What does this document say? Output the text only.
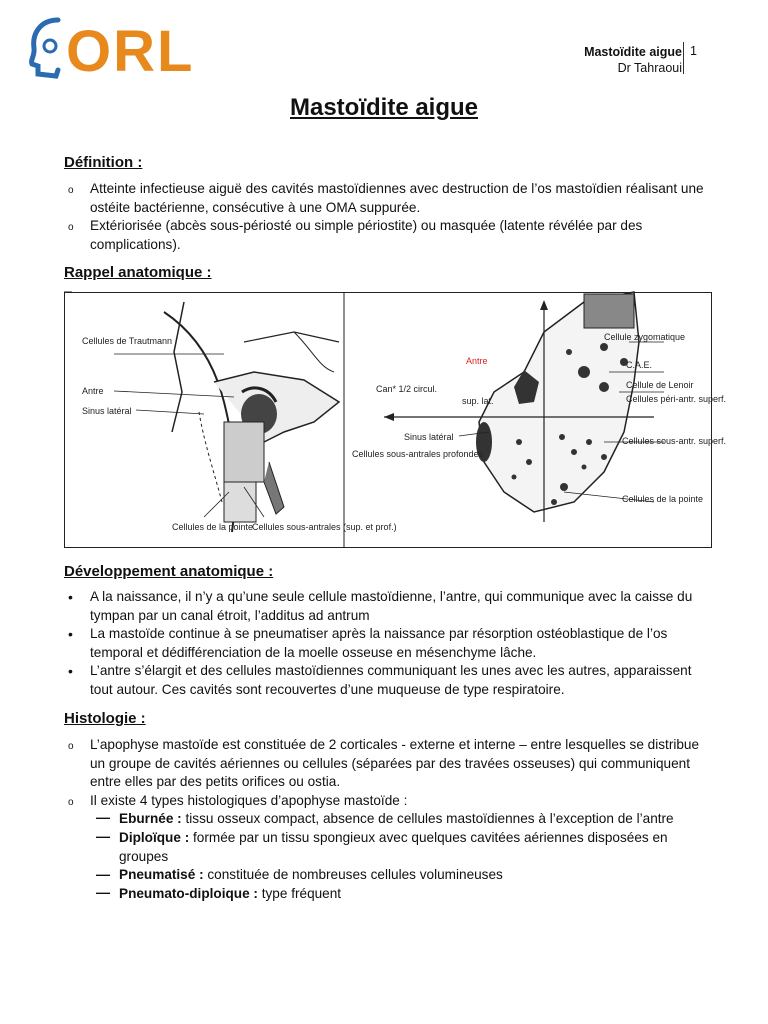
ORL	Mastoïdite aigue
Dr Tahraoui
1
Mastoïdite aigue
Définition :
o Atteinte infectieuse aiguë des cavités mastoïdiennes avec destruction de l’os mastoïdien réalisant une ostéite bactérienne, consécutive à une OMA suppurée.
o Extériorisée (abcès sous-périosté ou simple périostite) ou masquée (latente révélée par des complications).
Rappel anatomique :
Cellules de Trautmann
Antre
Sinus latéral
Cellules de la pointe
Cellules sous-antrales (sup. et prof.)
Cellule zygomatique
C.A.E.
Cellule de Lenoir
Cellules péri-antr. superf.
Antre
Can* 1/2 circul.
sup. lat.
Sinus latéral
Cellules sous-antrales profondes
Cellules sous-antr. superf.
Cellules de la pointe
Développement anatomique :
• A la naissance, il n’y a qu’une seule cellule mastoïdienne, l’antre, qui communique avec la caisse du tympan par un canal étroit, l’additus ad antrum
• La mastoïde continue à se pneumatiser après la naissance par résorption ostéoblastique de l’os temporal et dédifférenciation de la moelle osseuse en mésenchyme lâche.
• L’antre s’élargit et des cellules mastoïdiennes communiquant les unes avec les autres, apparaissent tout autour. Ces cavités sont recouvertes d’une muqueuse de type respiratoire.
Histologie :
o L’apophyse mastoïde est constituée de 2 corticales - externe et interne – entre lesquelles se distribue un groupe de cavités aériennes ou cellules (séparées par des travées osseuses) qui communiquent entre elles par des petits orifices ou ostia.
o Il existe 4 types histologiques d’apophyse mastoïde :
— Eburnée : tissu osseux compact, absence de cellules mastoïdiennes à l’exception de l’antre
— Diploïque : formée par un tissu spongieux avec quelques cavitées aériennes disposées en groupes
— Pneumatisé : constituée de nombreuses cellules volumineuses
— Pneumato-diploique : type fréquent
